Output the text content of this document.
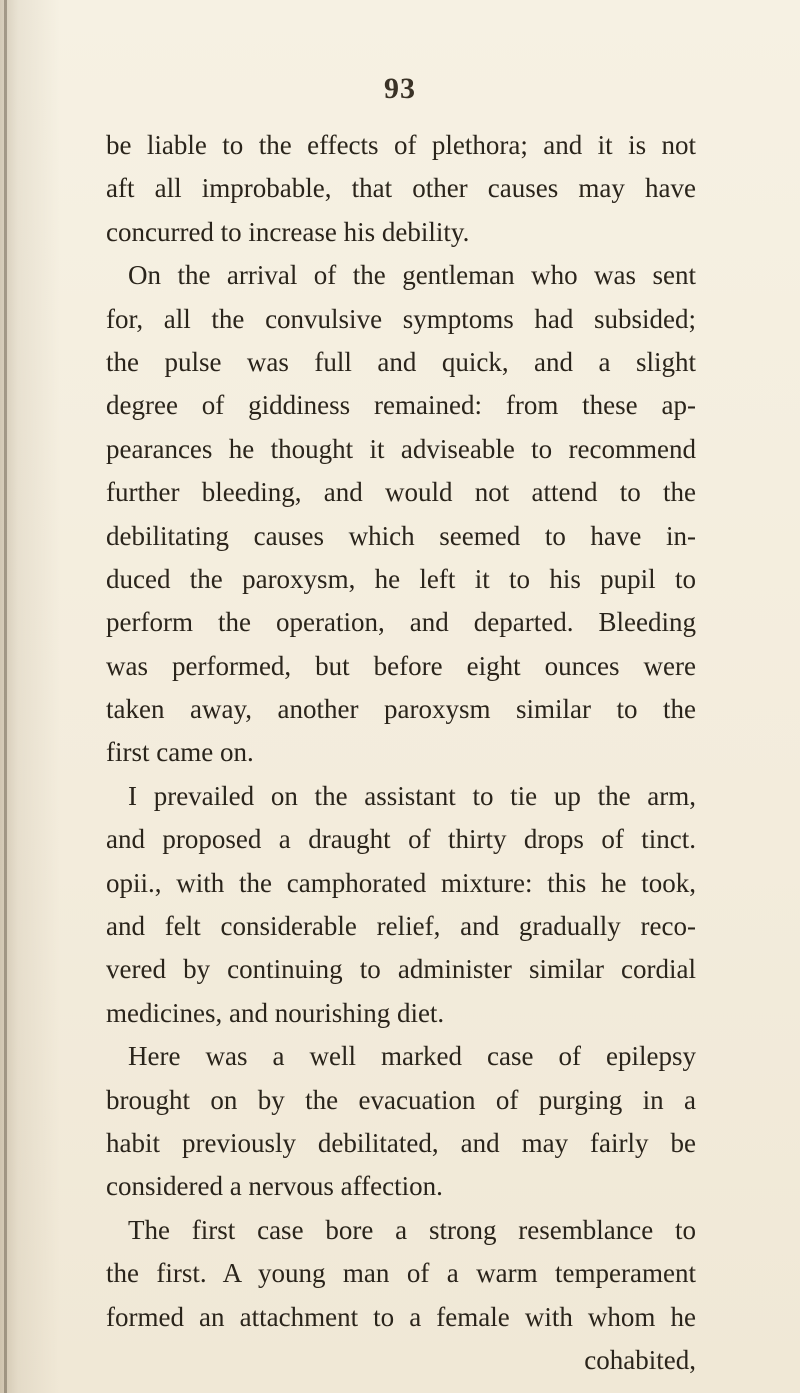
93
be liable to the effects of plethora; and it is not
aft all improbable, that other causes may have
concurred to increase his debility.
On the arrival of the gentleman who was sent
for, all the convulsive symptoms had subsided;
the pulse was full and quick, and a slight
degree of giddiness remained: from these ap-
pearances he thought it adviseable to recommend
further bleeding, and would not attend to the
debilitating causes which seemed to have in-
duced the paroxysm, he left it to his pupil to
perform the operation, and departed. Bleeding
was performed, but before eight ounces were
taken away, another paroxysm similar to the
first came on.
I prevailed on the assistant to tie up the arm,
and proposed a draught of thirty drops of tinct.
opii., with the camphorated mixture: this he took,
and felt considerable relief, and gradually reco-
vered by continuing to administer similar cordial
medicines, and nourishing diet.
Here was a well marked case of epilepsy
brought on by the evacuation of purging in a
habit previously debilitated, and may fairly be
considered a nervous affection.
The first case bore a strong resemblance to
the first. A young man of a warm temperament
formed an attachment to a female with whom he
cohabited,
